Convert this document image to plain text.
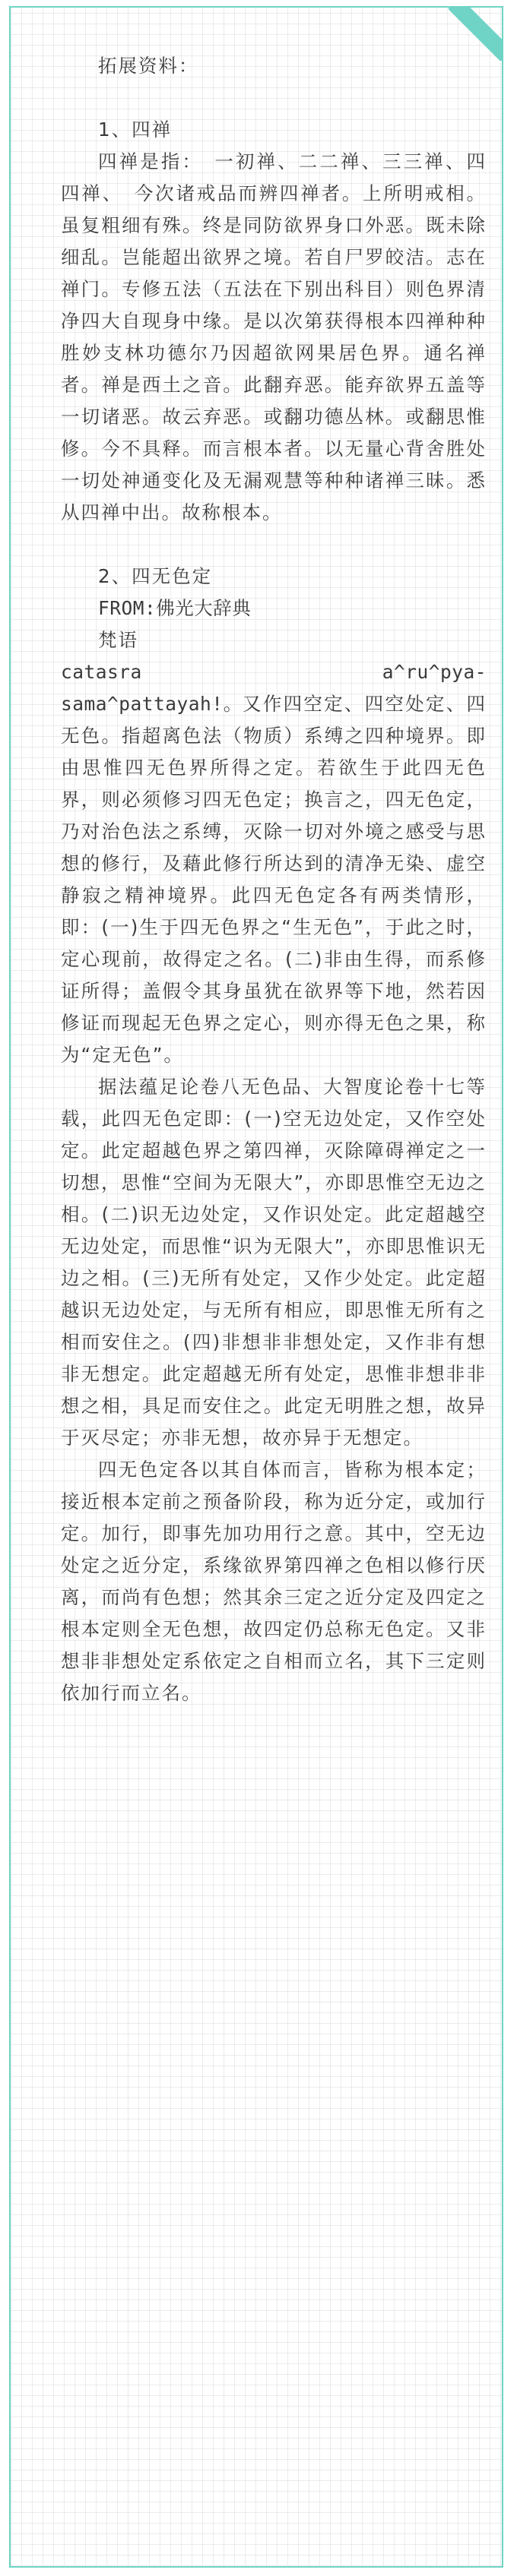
拓展资料：

1、四禅

四禅是指：　一初禅、二二禅、三三禅、四四禅、　今次诸戒品而辨四禅者。上所明戒相。虽复粗细有殊。终是同防欲界身口外恶。既未除细乱。岂能超出欲界之境。若自尸罗皎洁。志在禅门。专修五法（五法在下别出科目）则色界清净四大自现身中缘。是以次第获得根本四禅种种胜妙支林功德尔乃因超欲网果居色界。通名禅者。禅是西土之音。此翻弃恶。能弃欲界五盖等一切诸恶。故云弃恶。或翻功德丛林。或翻思惟修。今不具释。而言根本者。以无量心背舍胜处一切处神通变化及无漏观慧等种种诸禅三昧。悉从四禅中出。故称根本。

2、四无色定

FROM:佛光大辞典

梵语

catasra	a^ru^pya-

sama^pattayah!。又作四空定、四空处定、四无色。指超离色法（物质）系缚之四种境界。即由思惟四无色界所得之定。若欲生于此四无色界，则必须修习四无色定；换言之，四无色定，乃对治色法之系缚，灭除一切对外境之感受与思想的修行，及藉此修行所达到的清净无染、虚空静寂之精神境界。此四无色定各有两类情形，即：(一)生于四无色界之“生无色”，于此之时，定心现前，故得定之名。(二)非由生得，而系修证所得；盖假令其身虽犹在欲界等下地，然若因修证而现起无色界之定心，则亦得无色之果，称为“定无色”。

据法蕴足论卷八无色品、大智度论卷十七等载，此四无色定即：(一)空无边处定，又作空处定。此定超越色界之第四禅，灭除障碍禅定之一切想，思惟“空间为无限大”，亦即思惟空无边之相。(二)识无边处定，又作识处定。此定超越空无边处定，而思惟“识为无限大”，亦即思惟识无边之相。(三)无所有处定，又作少处定。此定超越识无边处定，与无所有相应，即思惟无所有之相而安住之。(四)非想非非想处定，又作非有想非无想定。此定超越无所有处定，思惟非想非非想之相，具足而安住之。此定无明胜之想，故异于灭尽定；亦非无想，故亦异于无想定。

四无色定各以其自体而言，皆称为根本定；接近根本定前之预备阶段，称为近分定，或加行定。加行，即事先加功用行之意。其中，空无边处定之近分定，系缘欲界第四禅之色相以修行厌离，而尚有色想；然其余三定之近分定及四定之根本定则全无色想，故四定仍总称无色定。又非想非非想处定系依定之自相而立名，其下三定则依加行而立名。
